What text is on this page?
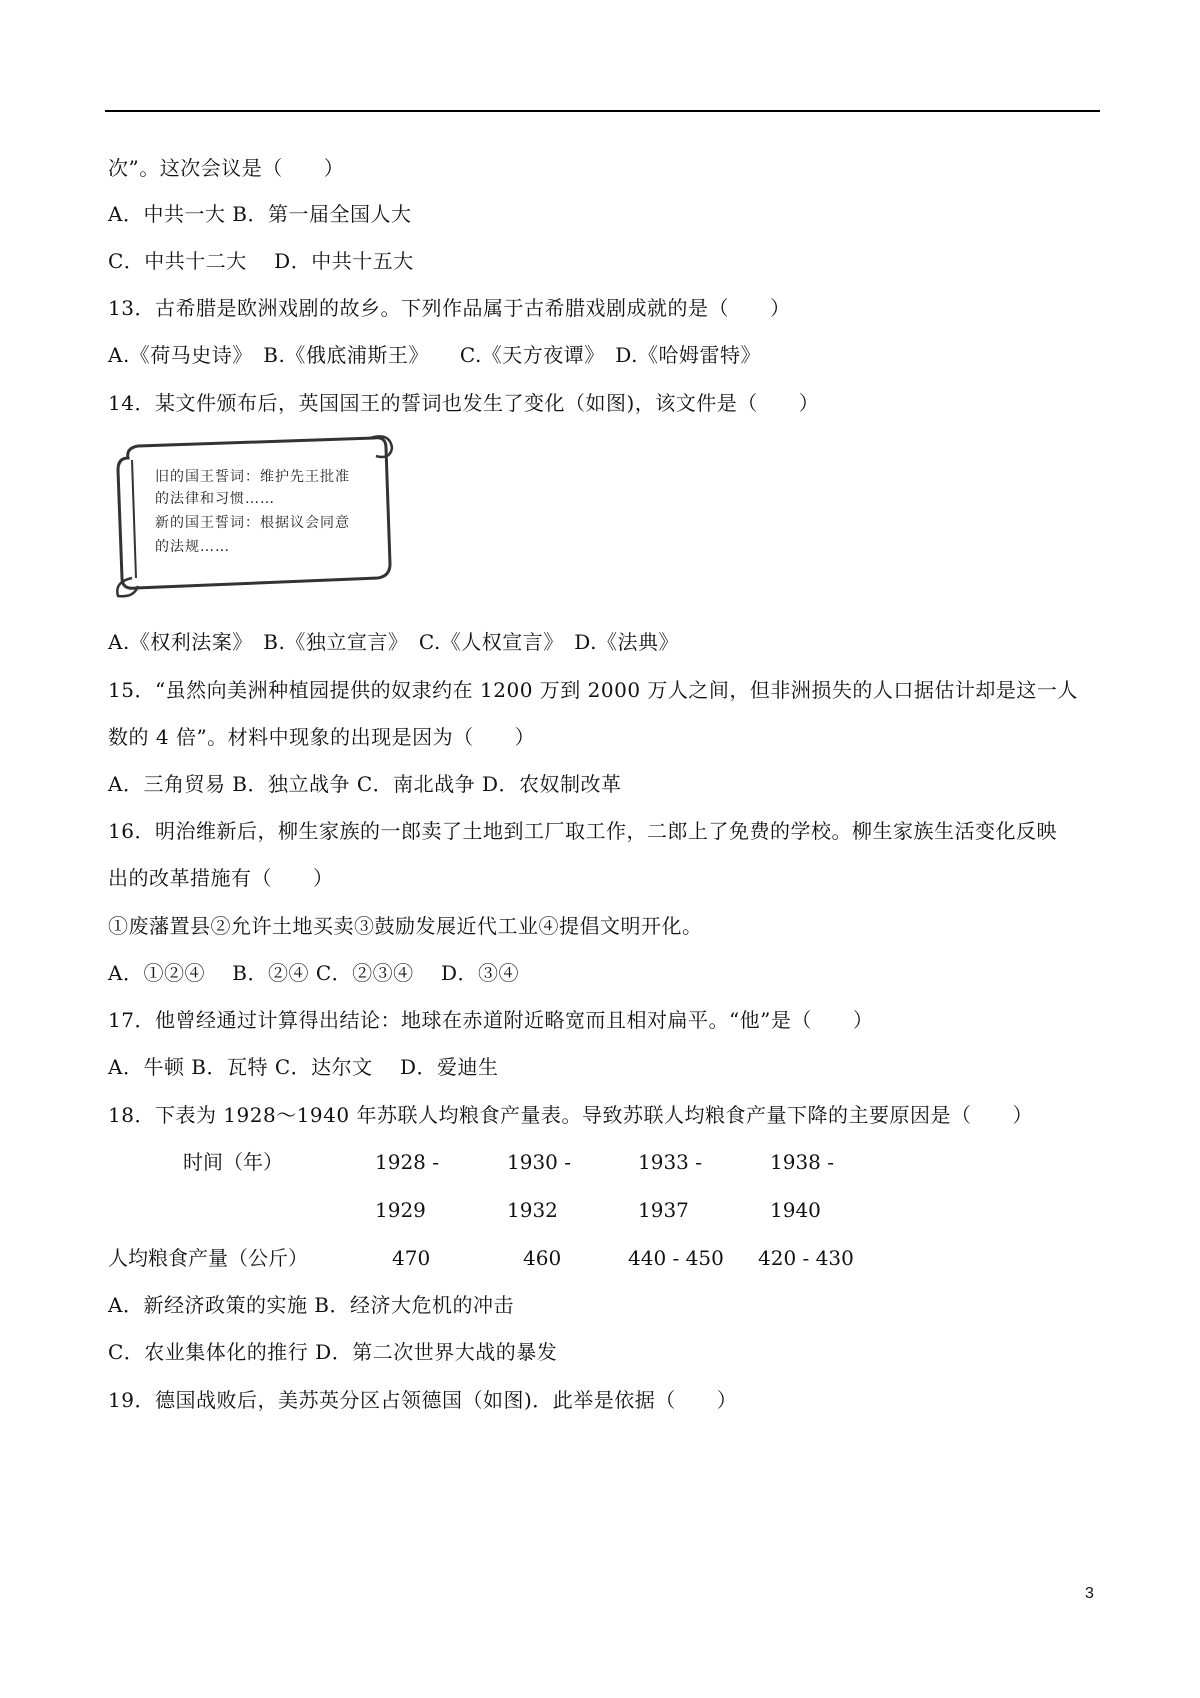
次”。这次会议是（　　）
A．中共一大 B．第一届全国人大
C．中共十二大　 D．中共十五大
13．古希腊是欧洲戏剧的故乡。下列作品属于古希腊戏剧成就的是（　　）
A.《荷马史诗》　B.《俄底浦斯王》　　C.《天方夜谭》　D.《哈姆雷特》
14．某文件颁布后，英国国王的誓词也发生了变化（如图)，该文件是（　　）
旧的国王誓词：维护先王批准
的法律和习惯……
新的国王誓词：根据议会同意
的法规……
A.《权利法案》　B.《独立宣言》　C.《人权宣言》　D.《法典》
15．“虽然向美洲种植园提供的奴隶约在 1200 万到 2000 万人之间，但非洲损失的人口据估计却是这一人
数的 4 倍”。材料中现象的出现是因为（　　）
A．三角贸易 B．独立战争 C．南北战争 D．农奴制改革
16．明治维新后，柳生家族的一郎卖了土地到工厂取工作，二郎上了免费的学校。柳生家族生活变化反映
出的改革措施有（　　）
①废藩置县②允许土地买卖③鼓励发展近代工业④提倡文明开化。
A．①②④　 B．②④ C．②③④　 D．③④
17．他曾经通过计算得出结论：地球在赤道附近略宽而且相对扁平。“他”是（　　）
A．牛顿 B．瓦特 C．达尔文　 D．爱迪生
18．下表为 1928～1940 年苏联人均粮食产量表。导致苏联人均粮食产量下降的主要原因是（　　）
时间（年）	1928 -	1930 -	1933 -	1938 -
1929	1932	1937	1940
人均粮食产量（公斤）	470	460	440 - 450 420 - 430
A．新经济政策的实施 B．经济大危机的冲击
C．农业集体化的推行 D．第二次世界大战的暴发
19．德国战败后，美苏英分区占领德国（如图)．此举是依据（　　）
3
